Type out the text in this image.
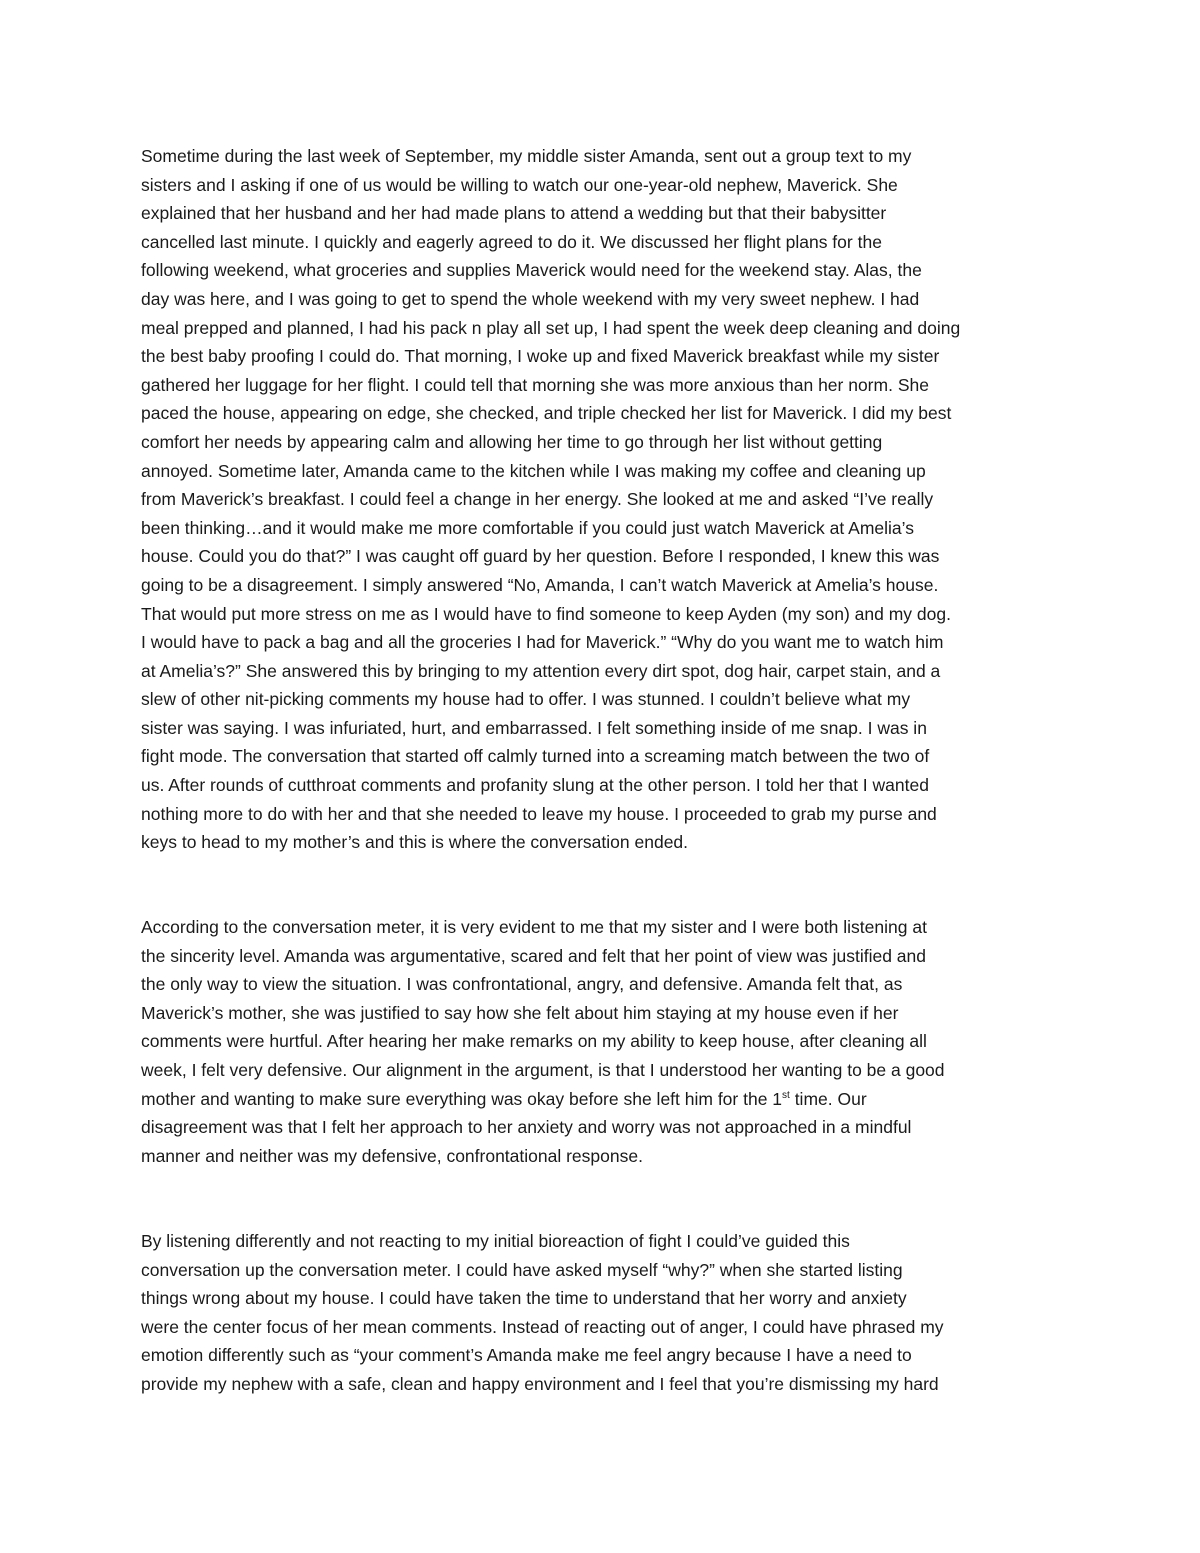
Sometime during the last week of September, my middle sister Amanda, sent out a group text to my
sisters and I asking if one of us would be willing to watch our one-year-old nephew, Maverick. She
explained that her husband and her had made plans to attend a wedding but that their babysitter
cancelled last minute. I quickly and eagerly agreed to do it. We discussed her flight plans for the
following weekend, what groceries and supplies Maverick would need for the weekend stay. Alas, the
day was here, and I was going to get to spend the whole weekend with my very sweet nephew. I had
meal prepped and planned, I had his pack n play all set up, I had spent the week deep cleaning and doing
the best baby proofing I could do. That morning, I woke up and fixed Maverick breakfast while my sister
gathered her luggage for her flight. I could tell that morning she was more anxious than her norm. She
paced the house, appearing on edge, she checked, and triple checked her list for Maverick. I did my best
comfort her needs by appearing calm and allowing her time to go through her list without getting
annoyed. Sometime later, Amanda came to the kitchen while I was making my coffee and cleaning up
from Maverick’s breakfast. I could feel a change in her energy. She looked at me and asked “I’ve really
been thinking…and it would make me more comfortable if you could just watch Maverick at Amelia’s
house. Could you do that?” I was caught off guard by her question. Before I responded, I knew this was
going to be a disagreement. I simply answered “No, Amanda, I can’t watch Maverick at Amelia’s house.
That would put more stress on me as I would have to find someone to keep Ayden (my son) and my dog.
I would have to pack a bag and all the groceries I had for Maverick.” “Why do you want me to watch him
at Amelia’s?” She answered this by bringing to my attention every dirt spot, dog hair, carpet stain, and a
slew of other nit-picking comments my house had to offer. I was stunned. I couldn’t believe what my
sister was saying. I was infuriated, hurt, and embarrassed. I felt something inside of me snap. I was in
fight mode. The conversation that started off calmly turned into a screaming match between the two of
us. After rounds of cutthroat comments and profanity slung at the other person. I told her that I wanted
nothing more to do with her and that she needed to leave my house. I proceeded to grab my purse and
keys to head to my mother’s and this is where the conversation ended.
According to the conversation meter, it is very evident to me that my sister and I were both listening at
the sincerity level. Amanda was argumentative, scared and felt that her point of view was justified and
the only way to view the situation. I was confrontational, angry, and defensive. Amanda felt that, as
Maverick’s mother, she was justified to say how she felt about him staying at my house even if her
comments were hurtful. After hearing her make remarks on my ability to keep house, after cleaning all
week, I felt very defensive. Our alignment in the argument, is that I understood her wanting to be a good
mother and wanting to make sure everything was okay before she left him for the 1st time. Our
disagreement was that I felt her approach to her anxiety and worry was not approached in a mindful
manner and neither was my defensive, confrontational response.
By listening differently and not reacting to my initial bioreaction of fight I could’ve guided this
conversation up the conversation meter. I could have asked myself “why?” when she started listing
things wrong about my house. I could have taken the time to understand that her worry and anxiety
were the center focus of her mean comments. Instead of reacting out of anger, I could have phrased my
emotion differently such as “your comment’s Amanda make me feel angry because I have a need to
provide my nephew with a safe, clean and happy environment and I feel that you’re dismissing my hard
